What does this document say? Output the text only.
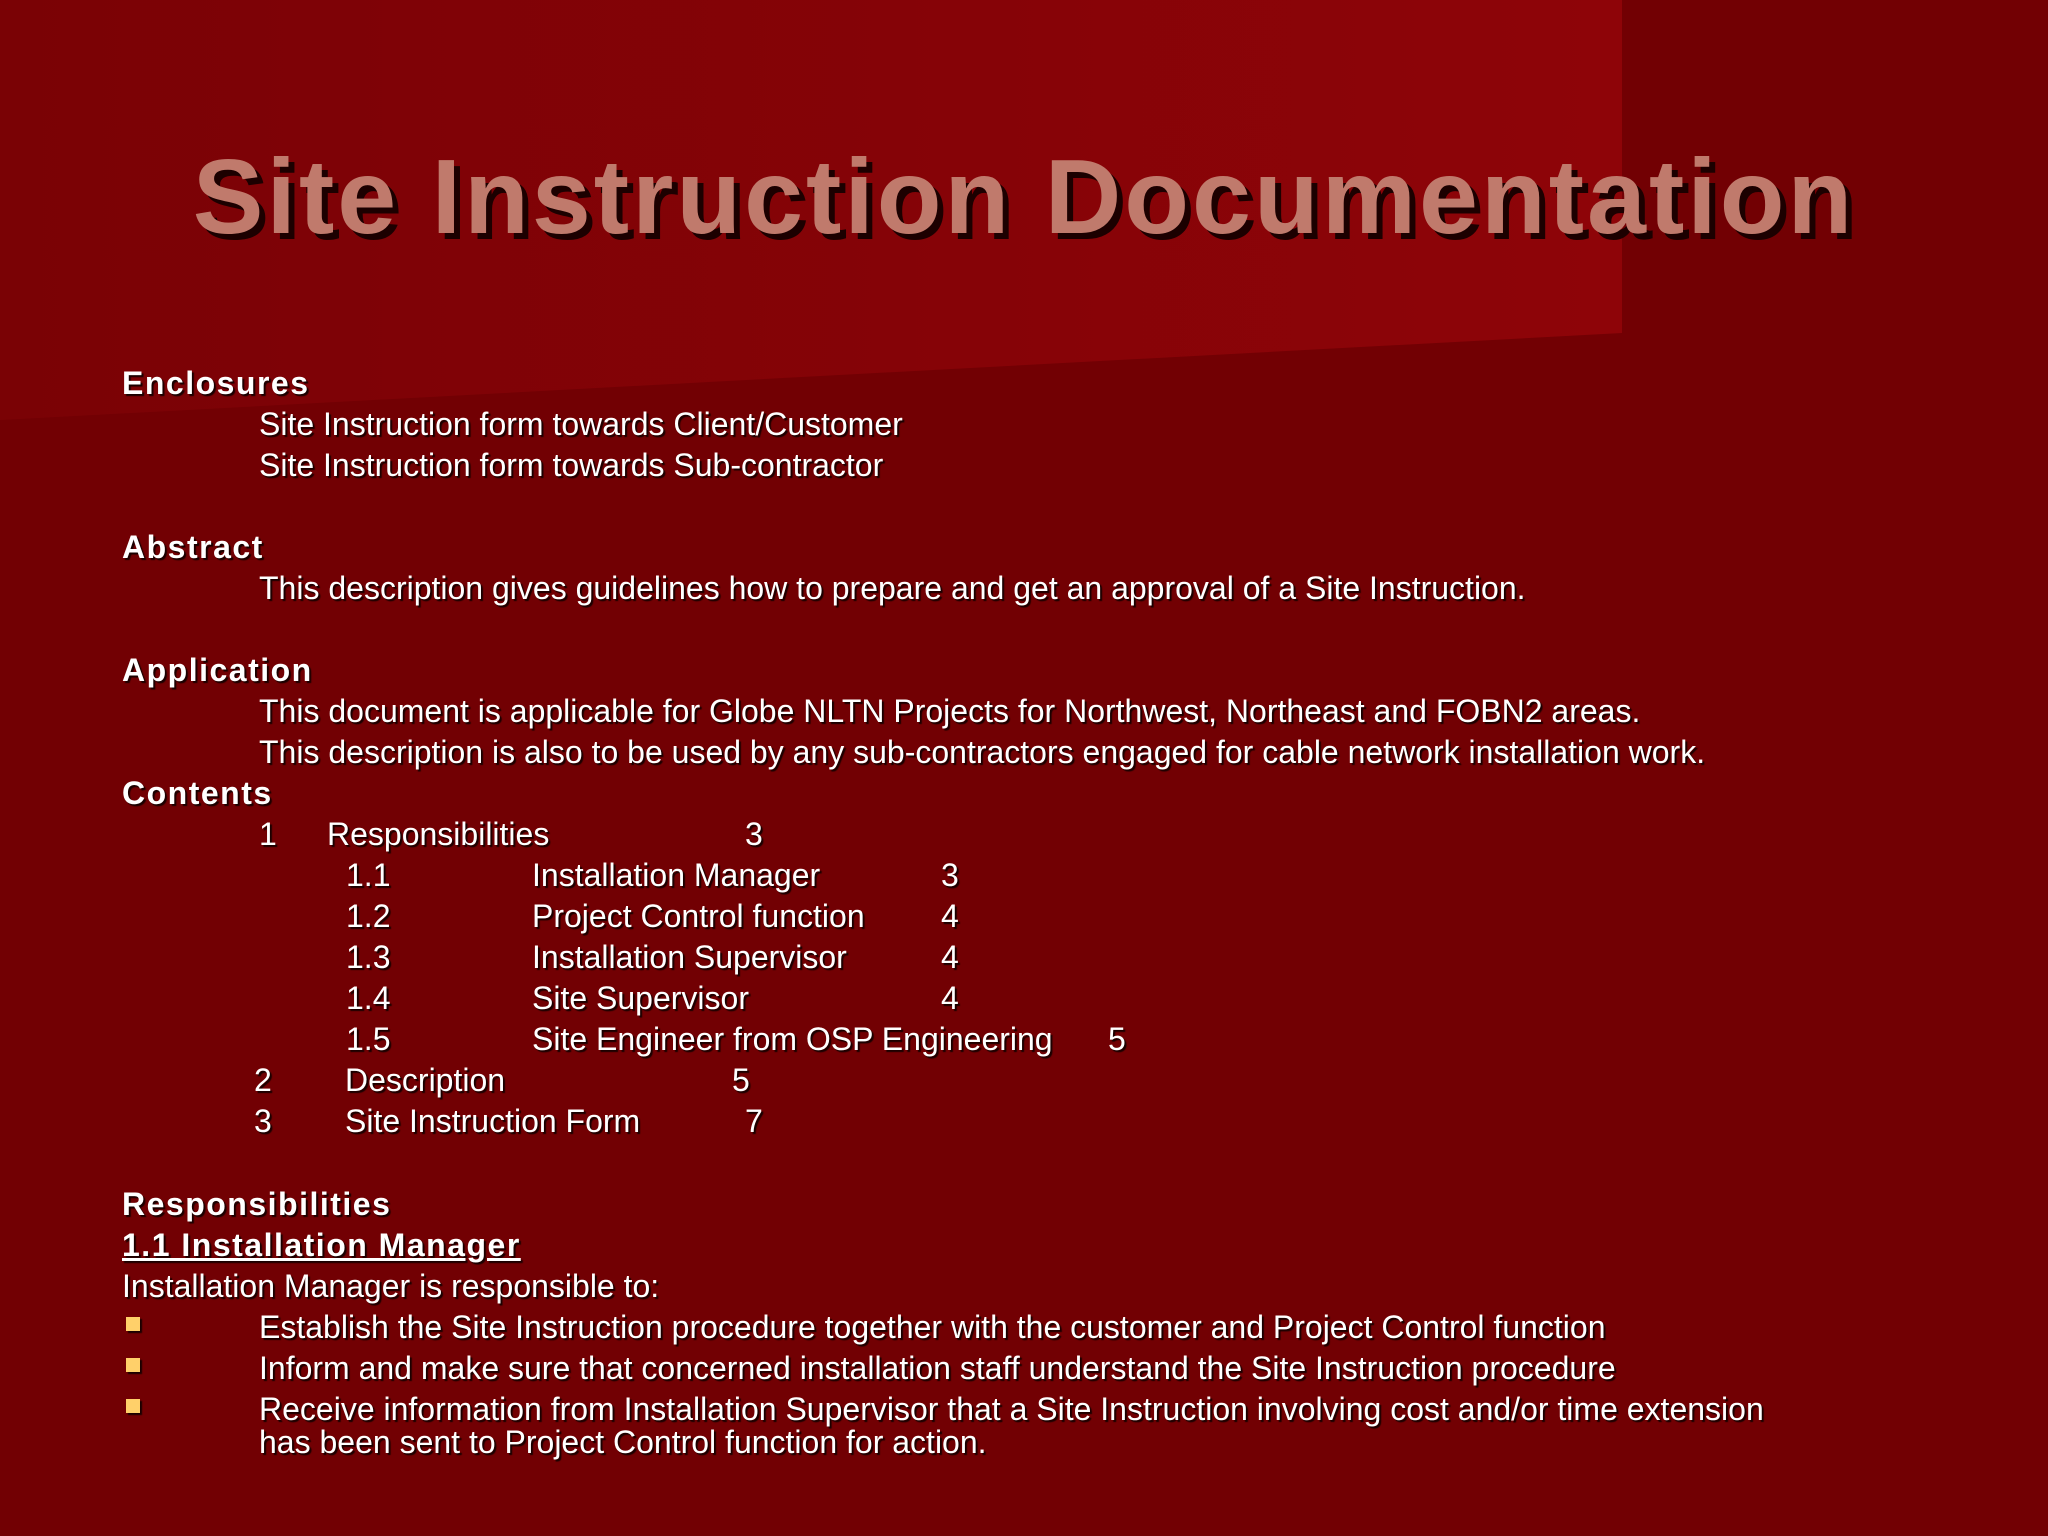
Site Instruction Documentation
Enclosures
Site Instruction form towards Client/Customer
Site Instruction form towards Sub-contractor
Abstract
This description gives guidelines how to prepare and get an approval of a Site Instruction.
Application
This document is applicable for Globe NLTN Projects for Northwest, Northeast and FOBN2 areas.
This description is also to be used by any sub-contractors engaged for cable network installation work.
Contents
1 Responsibilities	3
1.1	Installation Manager	3
1.2	Project Control function 4
1.3	Installation Supervisor	4
1.4	Site Supervisor	4
1.5	Site Engineer from OSP Engineering 5
2 Description	5
3 Site Instruction Form	7
Responsibilities
1.1 Installation Manager
Installation Manager is responsible to:
Establish the Site Instruction procedure together with the customer and Project Control function
Inform and make sure that concerned installation staff understand the Site Instruction procedure
Receive information from Installation Supervisor that a Site Instruction involving cost and/or time extension
has been sent to Project Control function for action.
